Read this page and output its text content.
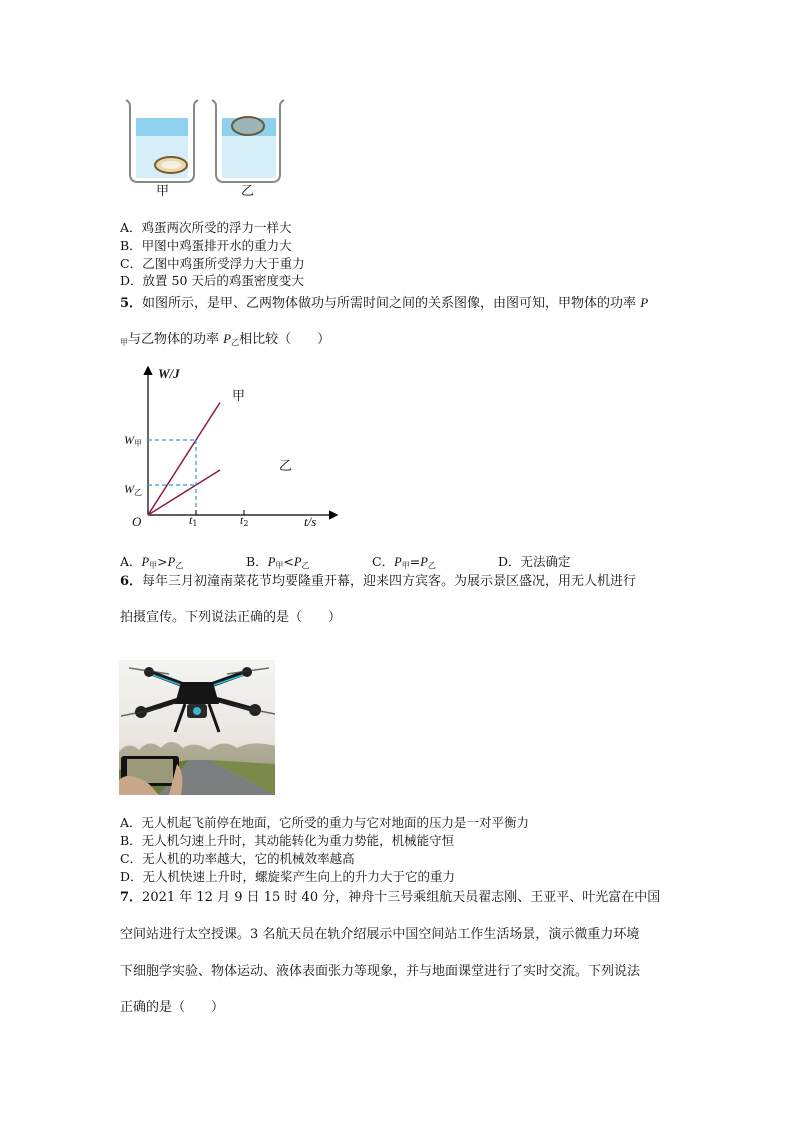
甲	乙
A．鸡蛋两次所受的浮力一样大
B．甲图中鸡蛋排开水的重力大
C．乙图中鸡蛋所受浮力大于重力
D．放置 50 天后的鸡蛋密度变大
5．如图所示，是甲、乙两物体做功与所需时间之间的关系图像，由图可知，甲物体的功率 P
$_甲$与乙物体的功率 $P_乙$相比较（　　）
W/J
t/s
O
甲
乙
$W_甲$
$W_乙$
$t_1$	$t_2$
A．$P_甲>P_乙$	B．$P_甲<P_乙$	C．$P_甲=P_乙$	D．无法确定
6．每年三月初潼南菜花节均要隆重开幕，迎来四方宾客。为展示景区盛况，用无人机进行
拍摄宣传。下列说法正确的是（　　）
A．无人机起飞前停在地面，它所受的重力与它对地面的压力是一对平衡力
B．无人机匀速上升时，其动能转化为重力势能，机械能守恒
C．无人机的功率越大，它的机械效率越高
D．无人机快速上升时，螺旋桨产生向上的升力大于它的重力
7．2021 年 12 月 9 日 15 时 40 分，神舟十三号乘组航天员翟志刚、王亚平、叶光富在中国
空间站进行太空授课。3 名航天员在轨介绍展示中国空间站工作生活场景，演示微重力环境
下细胞学实验、物体运动、液体表面张力等现象，并与地面课堂进行了实时交流。下列说法
正确的是（　　）
